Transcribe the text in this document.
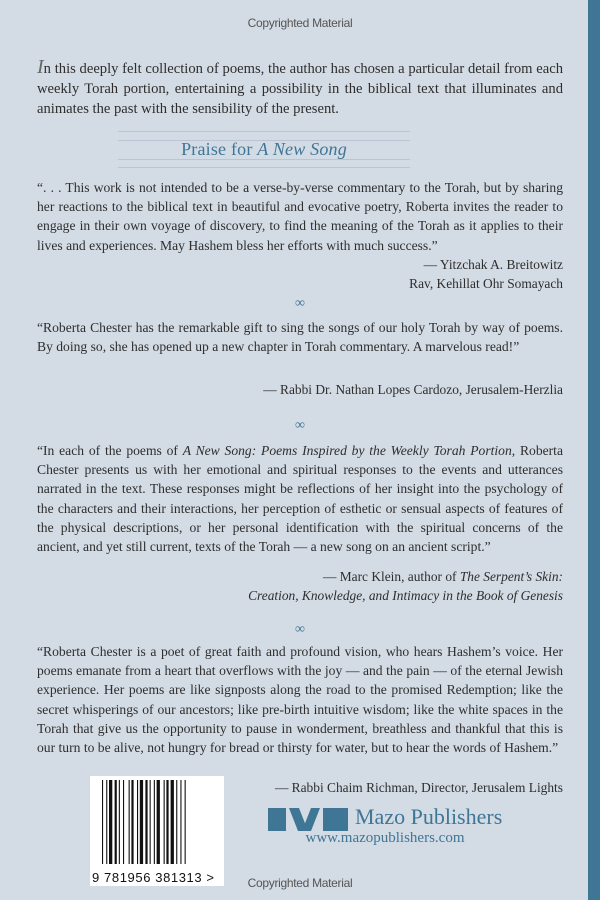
Copyrighted Material
In this deeply felt collection of poems, the author has chosen a particular detail from each weekly Torah portion, entertaining a possibility in the biblical text that illuminates and animates the past with the sensibility of the present.
Praise for A New Song
“. . . This work is not intended to be a verse-by-verse commentary to the Torah, but by sharing her reactions to the biblical text in beautiful and evocative poetry, Roberta invites the reader to engage in their own voyage of discovery, to find the meaning of the Torah as it applies to their lives and experiences. May Hashem bless her efforts with much success.”
— Yitzchak A. Breitowitz
Rav, Kehillat Ohr Somayach
∞
“Roberta Chester has the remarkable gift to sing the songs of our holy Torah by way of poems. By doing so, she has opened up a new chapter in Torah commentary. A marvelous read!”
— Rabbi Dr. Nathan Lopes Cardozo, Jerusalem-Herzlia
∞
“In each of the poems of A New Song: Poems Inspired by the Weekly Torah Portion, Roberta Chester presents us with her emotional and spiritual responses to the events and utterances narrated in the text. These responses might be reflections of her insight into the psychology of the characters and their interactions, her perception of esthetic or sensual aspects of features of the physical descriptions, or her personal identification with the spiritual concerns of the ancient, and yet still current, texts of the Torah — a new song on an ancient script.”
— Marc Klein, author of The Serpent’s Skin:
Creation, Knowledge, and Intimacy in the Book of Genesis
∞
“Roberta Chester is a poet of great faith and profound vision, who hears Hashem’s voice. Her poems emanate from a heart that overflows with the joy — and the pain — of the eternal Jewish experience. Her poems are like signposts along the road to the promised Redemption; like the secret whisperings of our ancestors; like pre-birth intuitive wisdom; like the white spaces in the Torah that give us the opportunity to pause in wonderment, breathless and thankful that this is our turn to be alive, not hungry for bread or thirsty for water, but to hear the words of Hashem.”
— Rabbi Chaim Richman, Director, Jerusalem Lights
9 781956 381313 >
Mazo Publishers
www.mazopublishers.com
Copyrighted Material
